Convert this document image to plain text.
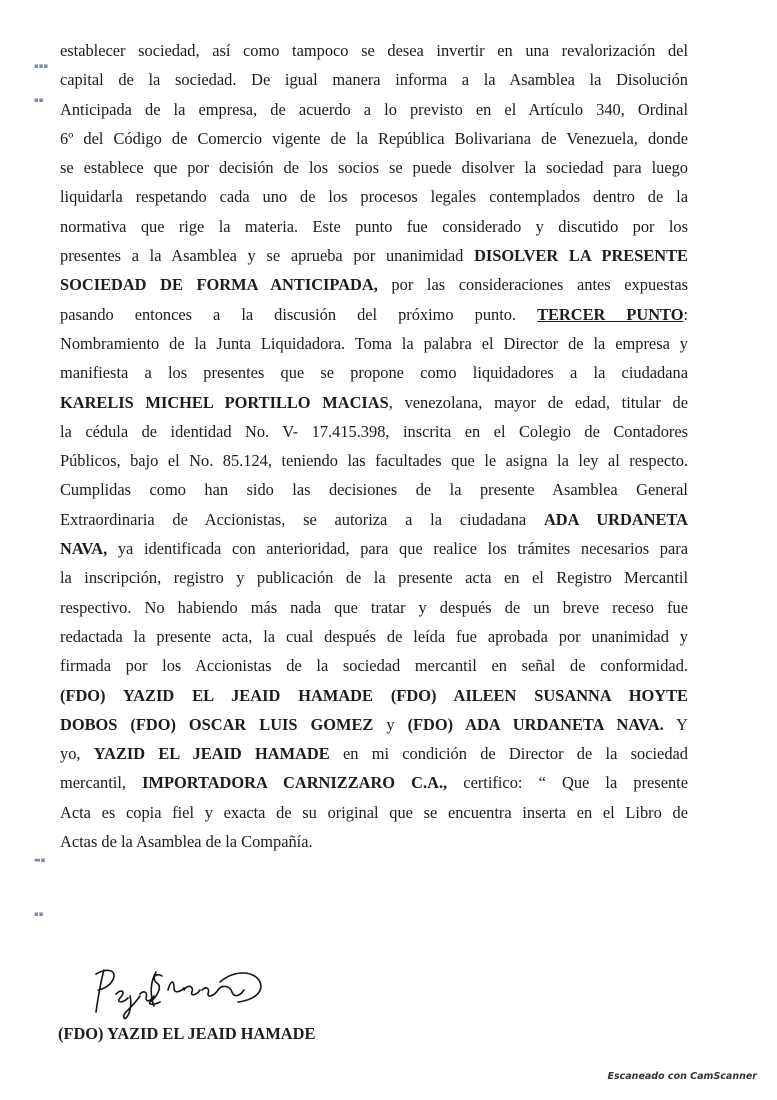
▪▪▪
▪▪
▬▪
▪▪
establecer sociedad, así como tampoco se desea invertir en una revalorización del
capital de la sociedad. De igual manera informa a la Asamblea la Disolución
Anticipada de la empresa, de acuerdo a lo previsto en el Artículo 340, Ordinal
6º del Código de Comercio vigente de la República Bolivariana de Venezuela, donde
se establece que por decisión de los socios se puede disolver la sociedad para luego
liquidarla respetando cada uno de los procesos legales contemplados dentro de la
normativa que rige la materia. Este punto fue considerado y discutido por los
presentes a la Asamblea y se aprueba por unanimidad DISOLVER LA PRESENTE
SOCIEDAD DE FORMA ANTICIPADA, por las consideraciones antes expuestas
pasando entonces a la discusión del próximo punto. TERCER PUNTO:
Nombramiento de la Junta Liquidadora. Toma la palabra el Director de la empresa y
manifiesta a los presentes que se propone como liquidadores a la ciudadana
KARELIS MICHEL PORTILLO MACIAS, venezolana, mayor de edad, titular de
la cédula de identidad No. V- 17.415.398, inscrita en el Colegio de Contadores
Públicos, bajo el No. 85.124, teniendo las facultades que le asigna la ley al respecto.
Cumplidas como han sido las decisiones de la presente Asamblea General
Extraordinaria de Accionistas, se autoriza a la ciudadana ADA URDANETA
NAVA, ya identificada con anterioridad, para que realice los trámites necesarios para
la inscripción, registro y publicación de la presente acta en el Registro Mercantil
respectivo. No habiendo más nada que tratar y después de un breve receso fue
redactada la presente acta, la cual después de leída fue aprobada por unanimidad y
firmada por los Accionistas de la sociedad mercantil en señal de conformidad.
(FDO) YAZID EL JEAID HAMADE (FDO) AILEEN SUSANNA HOYTE
DOBOS (FDO) OSCAR LUIS GOMEZ y (FDO) ADA URDANETA NAVA. Y
yo, YAZID EL JEAID HAMADE en mi condición de Director de la sociedad
mercantil, IMPORTADORA CARNIZZARO C.A., certifico: “ Que la presente
Acta es copia fiel y exacta de su original que se encuentra inserta en el Libro de
Actas de la Asamblea de la Compañía.
(FDO) YAZID EL JEAID HAMADE
Escaneado con CamScanner
